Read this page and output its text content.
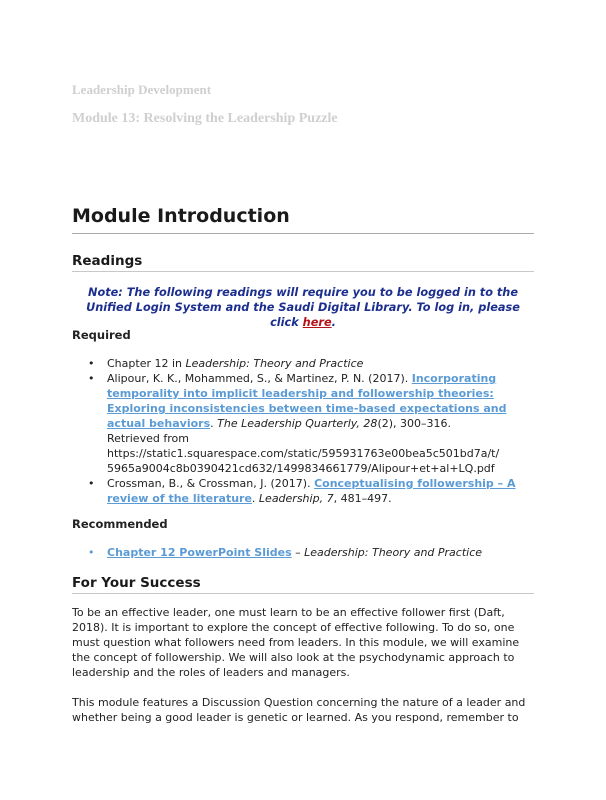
Leadership Development
Module 13: Resolving the Leadership Puzzle
Module Introduction
Readings
Note: The following readings will require you to be logged in to the Unified Login System and the Saudi Digital Library. To log in, please click here.
Required
• Chapter 12 in Leadership: Theory and Practice
• Alipour, K. K., Mohammed, S., & Martinez, P. N. (2017). Incorporating temporality into implicit leadership and followership theories: Exploring inconsistencies between time-based expectations and actual behaviors. The Leadership Quarterly, 28(2), 300–316.
Retrieved from
https://static1.squarespace.com/static/595931763e00bea5c501bd7a/t/
5965a9004c8b0390421cd632/1499834661779/Alipour+et+al+LQ.pdf
• Crossman, B., & Crossman, J. (2017). Conceptualising followership – A review of the literature. Leadership, 7, 481–497.
Recommended
• Chapter 12 PowerPoint Slides – Leadership: Theory and Practice
For Your Success

To be an effective leader, one must learn to be an effective follower first (Daft, 2018). It is important to explore the concept of effective following. To do so, one must question what followers need from leaders. In this module, we will examine the concept of followership. We will also look at the psychodynamic approach to leadership and the roles of leaders and managers.

This module features a Discussion Question concerning the nature of a leader and whether being a good leader is genetic or learned. As you respond, remember to
